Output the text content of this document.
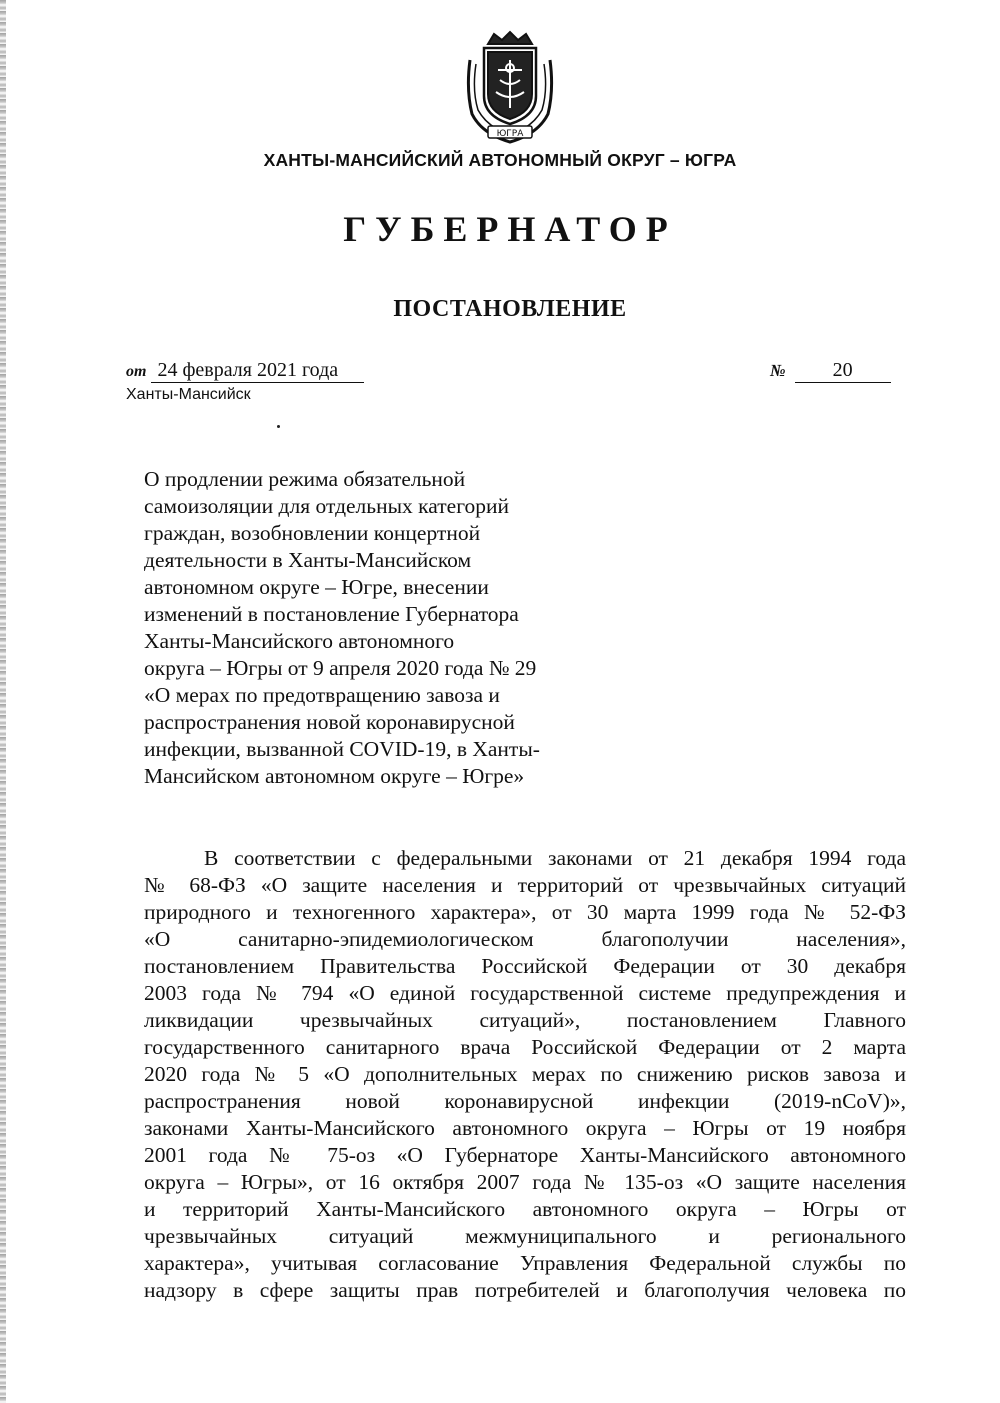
ЮГРА
ХАНТЫ-МАНСИЙСКИЙ АВТОНОМНЫЙ ОКРУГ – ЮГРА
ГУБЕРНАТОР
ПОСТАНОВЛЕНИЕ
от 24 февраля 2021 года
Ханты-Мансийск
№ 20
О продлении режима обязательной
самоизоляции для отдельных категорий
граждан, возобновлении концертной
деятельности в Ханты-Мансийском
автономном округе – Югре, внесении
изменений в постановление Губернатора
Ханты-Мансийского автономного
округа – Югры от 9 апреля 2020 года № 29
«О мерах по предотвращению завоза и
распространения новой коронавирусной
инфекции, вызванной COVID-19, в Ханты-
Мансийском автономном округе – Югре»
В соответствии с федеральными законами от 21 декабря 1994 года
№ 68-ФЗ «О защите населения и территорий от чрезвычайных ситуаций
природного и техногенного характера», от 30 марта 1999 года № 52-ФЗ
«О санитарно-эпидемиологическом благополучии населения»,
постановлением Правительства Российской Федерации от 30 декабря
2003 года № 794 «О единой государственной системе предупреждения и
ликвидации чрезвычайных ситуаций», постановлением Главного
государственного санитарного врача Российской Федерации от 2 марта
2020 года № 5 «О дополнительных мерах по снижению рисков завоза и
распространения новой коронавирусной инфекции (2019-nCoV)»,
законами Ханты-Мансийского автономного округа – Югры от 19 ноября
2001 года № 75-оз «О Губернаторе Ханты-Мансийского автономного
округа – Югры», от 16 октября 2007 года № 135-оз «О защите населения
и территорий Ханты-Мансийского автономного округа – Югры от
чрезвычайных ситуаций межмуниципального и регионального
характера», учитывая согласование Управления Федеральной службы по
надзору в сфере защиты прав потребителей и благополучия человека по
